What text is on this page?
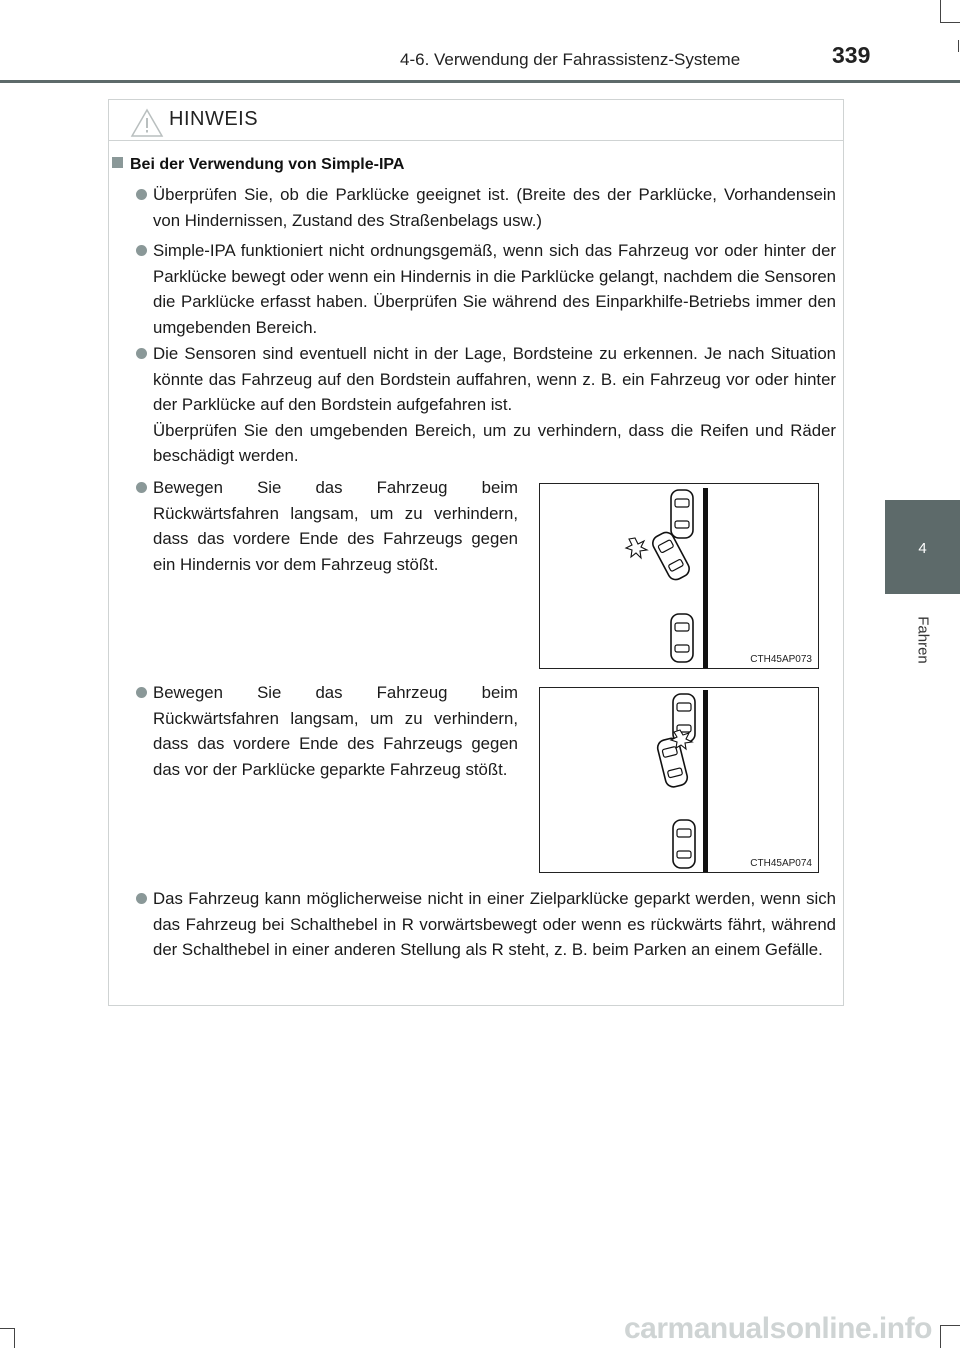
4-6. Verwendung der Fahrassistenz-Systeme	339
4
Fahren
HINWEIS
Bei der Verwendung von Simple-IPA

Überprüfen Sie, ob die Parklücke geeignet ist. (Breite des der Parklücke, Vorhandensein von Hindernissen, Zustand des Straßenbelags usw.)

Simple-IPA funktioniert nicht ordnungsgemäß, wenn sich das Fahrzeug vor oder hinter der Parklücke bewegt oder wenn ein Hindernis in die Parklücke gelangt, nachdem die Sensoren die Parklücke erfasst haben. Überprüfen Sie während des Einparkhilfe-Betriebs immer den umgebenden Bereich.

Die Sensoren sind eventuell nicht in der Lage, Bordsteine zu erkennen. Je nach Situation könnte das Fahrzeug auf den Bordstein auffahren, wenn z. B. ein Fahrzeug vor oder hinter der Parklücke auf den Bordstein aufgefahren ist.

Überprüfen Sie den umgebenden Bereich, um zu verhindern, dass die Reifen und Räder beschädigt werden.

Bewegen Sie das Fahrzeug beim Rückwärtsfahren langsam, um zu verhindern, dass das vordere Ende des Fahrzeugs gegen ein Hindernis vor dem Fahrzeug stößt.

Bewegen Sie das Fahrzeug beim Rückwärtsfahren langsam, um zu verhindern, dass das vordere Ende des Fahrzeugs gegen das vor der Parklücke geparkte Fahrzeug stößt.

Das Fahrzeug kann möglicherweise nicht in einer Zielparklücke geparkt werden, wenn sich das Fahrzeug bei Schalthebel in R vorwärtsbewegt oder wenn es rückwärts fährt, während der Schalthebel in einer anderen Stellung als R steht, z. B. beim Parken an einem Gefälle.

CTH45AP073
CTH45AP074
carmanualsonline.info
